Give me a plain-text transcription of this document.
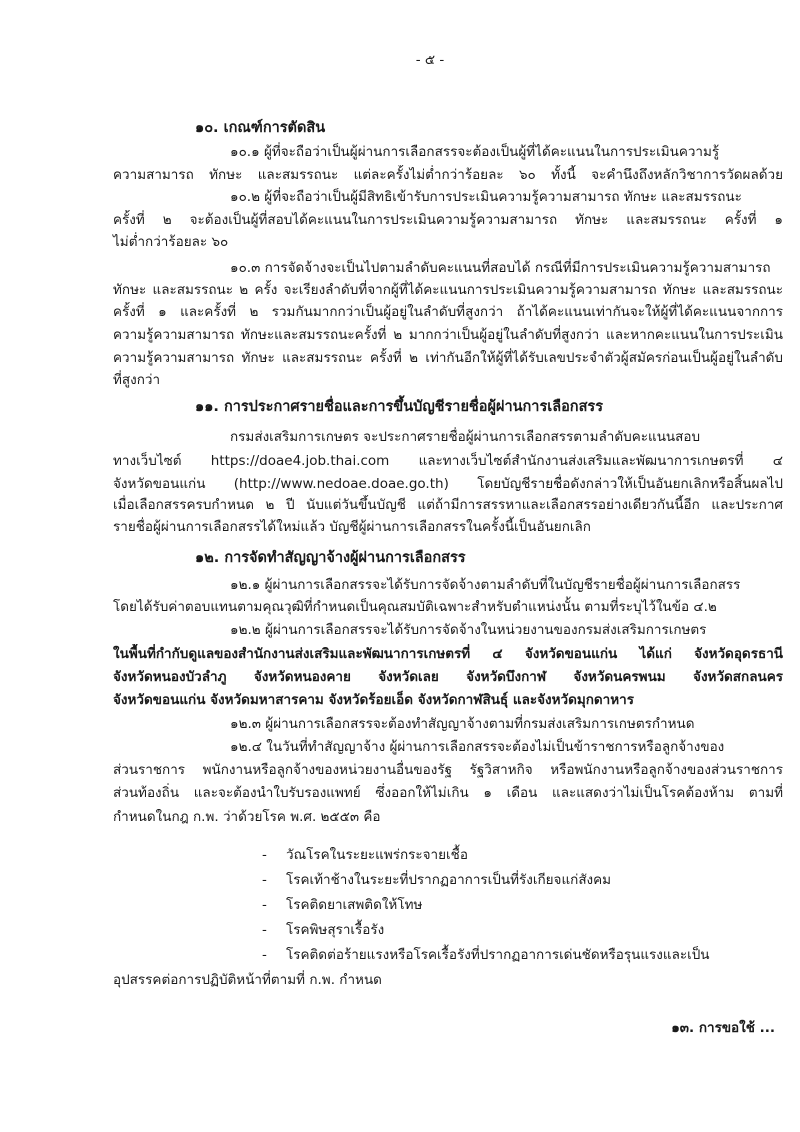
- ๕ -
๑๓. การขอใช้ ...
๑๐. เกณฑ์การตัดสิน
๑๐.๑ ผู้ที่จะถือว่าเป็นผู้ผ่านการเลือกสรรจะต้องเป็นผู้ที่ได้คะแนนในการประเมินความรู้
ความสามารถ ทักษะ และสมรรถนะ แต่ละครั้งไม่ต่ำกว่าร้อยละ ๖๐ ทั้งนี้ จะคำนึงถึงหลักวิชาการวัดผลด้วย
๑๐.๒ ผู้ที่จะถือว่าเป็นผู้มีสิทธิเข้ารับการประเมินความรู้ความสามารถ ทักษะ และสมรรถนะ
ครั้งที่ ๒ จะต้องเป็นผู้ที่สอบได้คะแนนในการประเมินความรู้ความสามารถ ทักษะ และสมรรถนะ ครั้งที่ ๑
ไม่ต่ำกว่าร้อยละ ๖๐
๑๐.๓ การจัดจ้างจะเป็นไปตามลำดับคะแนนที่สอบได้ กรณีที่มีการประเมินความรู้ความสามารถ
ทักษะ และสมรรถนะ ๒ ครั้ง จะเรียงลำดับที่จากผู้ที่ได้คะแนนการประเมินความรู้ความสามารถ ทักษะ และสมรรถนะ
ครั้งที่ ๑ และครั้งที่ ๒ รวมกันมากกว่าเป็นผู้อยู่ในลำดับที่สูงกว่า ถ้าได้คะแนนเท่ากันจะให้ผู้ที่ได้คะแนนจากการ
ความรู้ความสามารถ ทักษะและสมรรถนะครั้งที่ ๒ มากกว่าเป็นผู้อยู่ในลำดับที่สูงกว่า และหากคะแนนในการประเมิน
ความรู้ความสามารถ ทักษะ และสมรรถนะ ครั้งที่ ๒ เท่ากันอีกให้ผู้ที่ได้รับเลขประจำตัวผู้สมัครก่อนเป็นผู้อยู่ในลำดับ
ที่สูงกว่า
๑๑. การประกาศรายชื่อและการขึ้นบัญชีรายชื่อผู้ผ่านการเลือกสรร
กรมส่งเสริมการเกษตร จะประกาศรายชื่อผู้ผ่านการเลือกสรรตามลำดับคะแนนสอบ
ทางเว็บไซต์ https://doae4.job.thai.com และทางเว็บไซต์สำนักงานส่งเสริมและพัฒนาการเกษตรที่ ๔
จังหวัดขอนแก่น (http://www.nedoae.doae.go.th) โดยบัญชีรายชื่อดังกล่าวให้เป็นอันยกเลิกหรือสิ้นผลไป
เมื่อเลือกสรรครบกำหนด ๒ ปี นับแต่วันขึ้นบัญชี แต่ถ้ามีการสรรหาและเลือกสรรอย่างเดียวกันนี้อีก และประกาศ
รายชื่อผู้ผ่านการเลือกสรรได้ใหม่แล้ว บัญชีผู้ผ่านการเลือกสรรในครั้งนี้เป็นอันยกเลิก
๑๒. การจัดทำสัญญาจ้างผู้ผ่านการเลือกสรร
๑๒.๑ ผู้ผ่านการเลือกสรรจะได้รับการจัดจ้างตามลำดับที่ในบัญชีรายชื่อผู้ผ่านการเลือกสรร
โดยได้รับค่าตอบแทนตามคุณวุฒิที่กำหนดเป็นคุณสมบัติเฉพาะสำหรับตำแหน่งนั้น ตามที่ระบุไว้ในข้อ ๔.๒
๑๒.๒ ผู้ผ่านการเลือกสรรจะได้รับการจัดจ้างในหน่วยงานของกรมส่งเสริมการเกษตร
ในพื้นที่กำกับดูแลของสำนักงานส่งเสริมและพัฒนาการเกษตรที่ ๔ จังหวัดขอนแก่น ได้แก่ จังหวัดอุดรธานี
จังหวัดหนองบัวลำภู จังหวัดหนองคาย จังหวัดเลย จังหวัดบึงกาฬ จังหวัดนครพนม จังหวัดสกลนคร
จังหวัดขอนแก่น จังหวัดมหาสารคาม จังหวัดร้อยเอ็ด จังหวัดกาฬสินธุ์ และจังหวัดมุกดาหาร
๑๒.๓ ผู้ผ่านการเลือกสรรจะต้องทำสัญญาจ้างตามที่กรมส่งเสริมการเกษตรกำหนด
๑๒.๔ ในวันที่ทำสัญญาจ้าง ผู้ผ่านการเลือกสรรจะต้องไม่เป็นข้าราชการหรือลูกจ้างของ
ส่วนราชการ พนักงานหรือลูกจ้างของหน่วยงานอื่นของรัฐ รัฐวิสาหกิจ หรือพนักงานหรือลูกจ้างของส่วนราชการ
ส่วนท้องถิ่น และจะต้องนำใบรับรองแพทย์ ซึ่งออกให้ไม่เกิน ๑ เดือน และแสดงว่าไม่เป็นโรคต้องห้าม ตามที่
กำหนดในกฎ ก.พ. ว่าด้วยโรค พ.ศ. ๒๕๕๓ คือ
วัณโรคในระยะแพร่กระจายเชื้อ
-
โรคเท้าช้างในระยะที่ปรากฏอาการเป็นที่รังเกียจแก่สังคม
-
โรคติดยาเสพติดให้โทษ
-
โรคพิษสุราเรื้อรัง
-
โรคติดต่อร้ายแรงหรือโรคเรื้อรังที่ปรากฏอาการเด่นชัดหรือรุนแรงและเป็น
-
อุปสรรคต่อการปฏิบัติหน้าที่ตามที่ ก.พ. กำหนด
